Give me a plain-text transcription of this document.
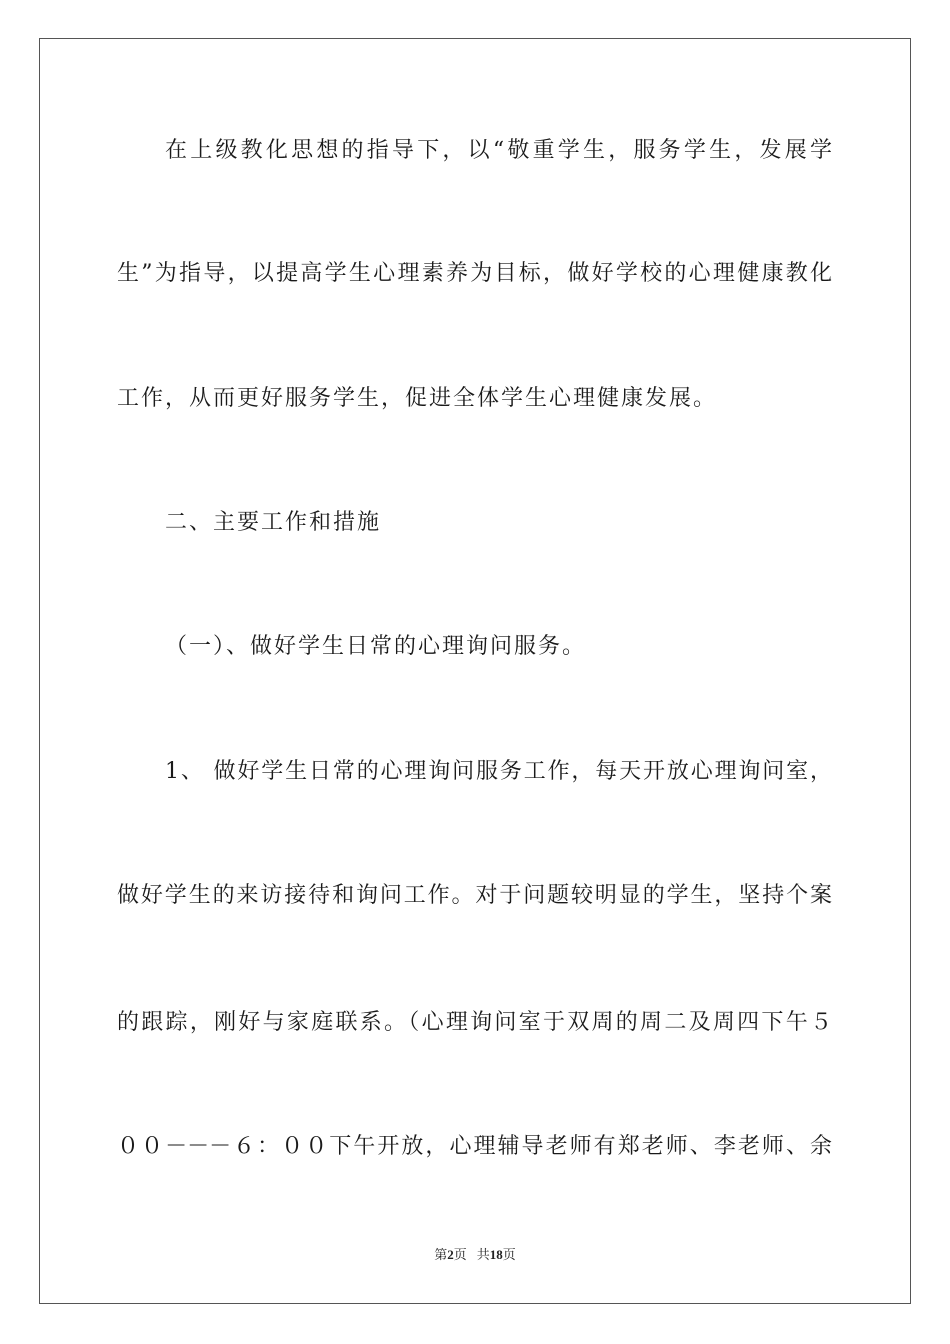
在上级教化思想的指导下，以“敬重学生，服务学生，发展学
生”为指导，以提高学生心理素养为目标，做好学校的心理健康教化
工作，从而更好服务学生，促进全体学生心理健康发展。
二、主要工作和措施
（一）、做好学生日常的心理询问服务。
1、 做好学生日常的心理询问服务工作，每天开放心理询问室，
做好学生的来访接待和询问工作。对于问题较明显的学生，坚持个案
的跟踪，刚好与家庭联系。（心理询问室于双周的周二及周四下午５
００－－－６：００下午开放，心理辅导老师有郑老师、李老师、余
第2页 共18页
